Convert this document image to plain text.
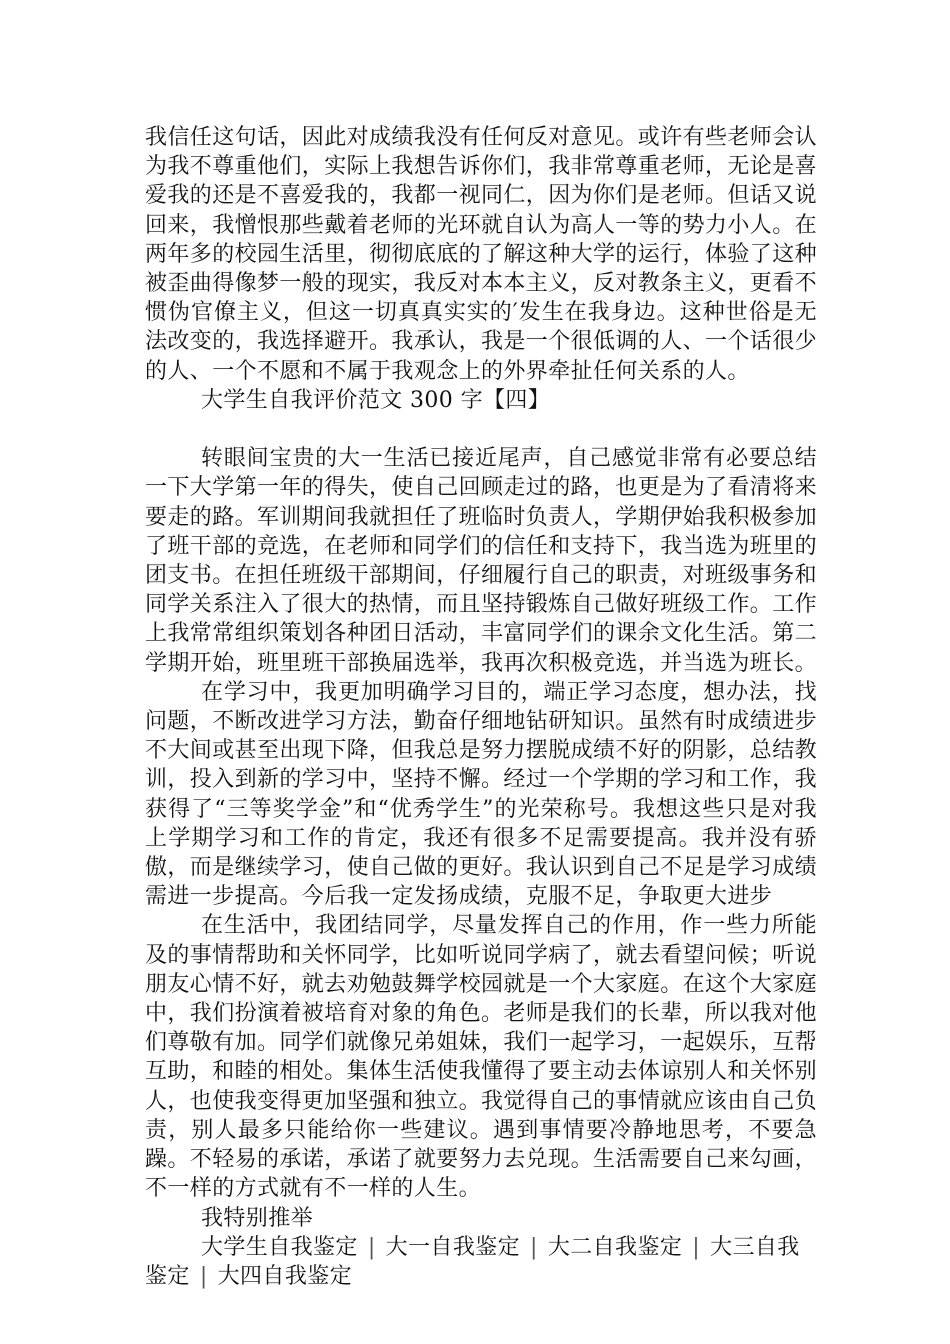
我信任这句话，因此对成绩我没有任何反对意见。或许有些老师会认为我不尊重他们，实际上我想告诉你们，我非常尊重老师，无论是喜爱我的还是不喜爱我的，我都一视同仁，因为你们是老师。但话又说回来，我憎恨那些戴着老师的光环就自认为高人一等的势力小人。在两年多的校园生活里，彻彻底底的了解这种大学的运行，体验了这种被歪曲得像梦一般的现实，我反对本本主义，反对教条主义，更看不惯伪官僚主义，但这一切真真实实的′发生在我身边。这种世俗是无法改变的，我选择避开。我承认，我是一个很低调的人、一个话很少的人、一个不愿和不属于我观念上的外界牵扯任何关系的人。

大学生自我评价范文 300 字【四】

转眼间宝贵的大一生活已接近尾声，自己感觉非常有必要总结一下大学第一年的得失，使自己回顾走过的路，也更是为了看清将来要走的路。军训期间我就担任了班临时负责人，学期伊始我积极参加了班干部的竞选，在老师和同学们的信任和支持下，我当选为班里的团支书。在担任班级干部期间，仔细履行自己的职责，对班级事务和同学关系注入了很大的热情，而且坚持锻炼自己做好班级工作。工作上我常常组织策划各种团日活动，丰富同学们的课余文化生活。第二学期开始，班里班干部换届选举，我再次积极竞选，并当选为班长。

在学习中，我更加明确学习目的，端正学习态度，想办法，找问题，不断改进学习方法，勤奋仔细地钻研知识。虽然有时成绩进步不大间或甚至出现下降，但我总是努力摆脱成绩不好的阴影，总结教训，投入到新的学习中，坚持不懈。经过一个学期的学习和工作，我获得了“三等奖学金”和“优秀学生”的光荣称号。我想这些只是对我上学期学习和工作的肯定，我还有很多不足需要提高。我并没有骄傲，而是继续学习，使自己做的更好。我认识到自己不足是学习成绩需进一步提高。今后我一定发扬成绩，克服不足，争取更大进步

在生活中，我团结同学，尽量发挥自己的作用，作一些力所能及的事情帮助和关怀同学，比如听说同学病了，就去看望问候；听说朋友心情不好，就去劝勉鼓舞学校园就是一个大家庭。在这个大家庭中，我们扮演着被培育对象的角色。老师是我们的长辈，所以我对他们尊敬有加。同学们就像兄弟姐妹，我们一起学习，一起娱乐，互帮互助，和睦的相处。集体生活使我懂得了要主动去体谅别人和关怀别人，也使我变得更加坚强和独立。我觉得自己的事情就应该由自己负责，别人最多只能给你一些建议。遇到事情要冷静地思考，不要急躁。不轻易的承诺，承诺了就要努力去兑现。生活需要自己来勾画，不一样的方式就有不一样的人生。

我特别推举

大学生自我鉴定 | 大一自我鉴定 | 大二自我鉴定 | 大三自我鉴定 | 大四自我鉴定
